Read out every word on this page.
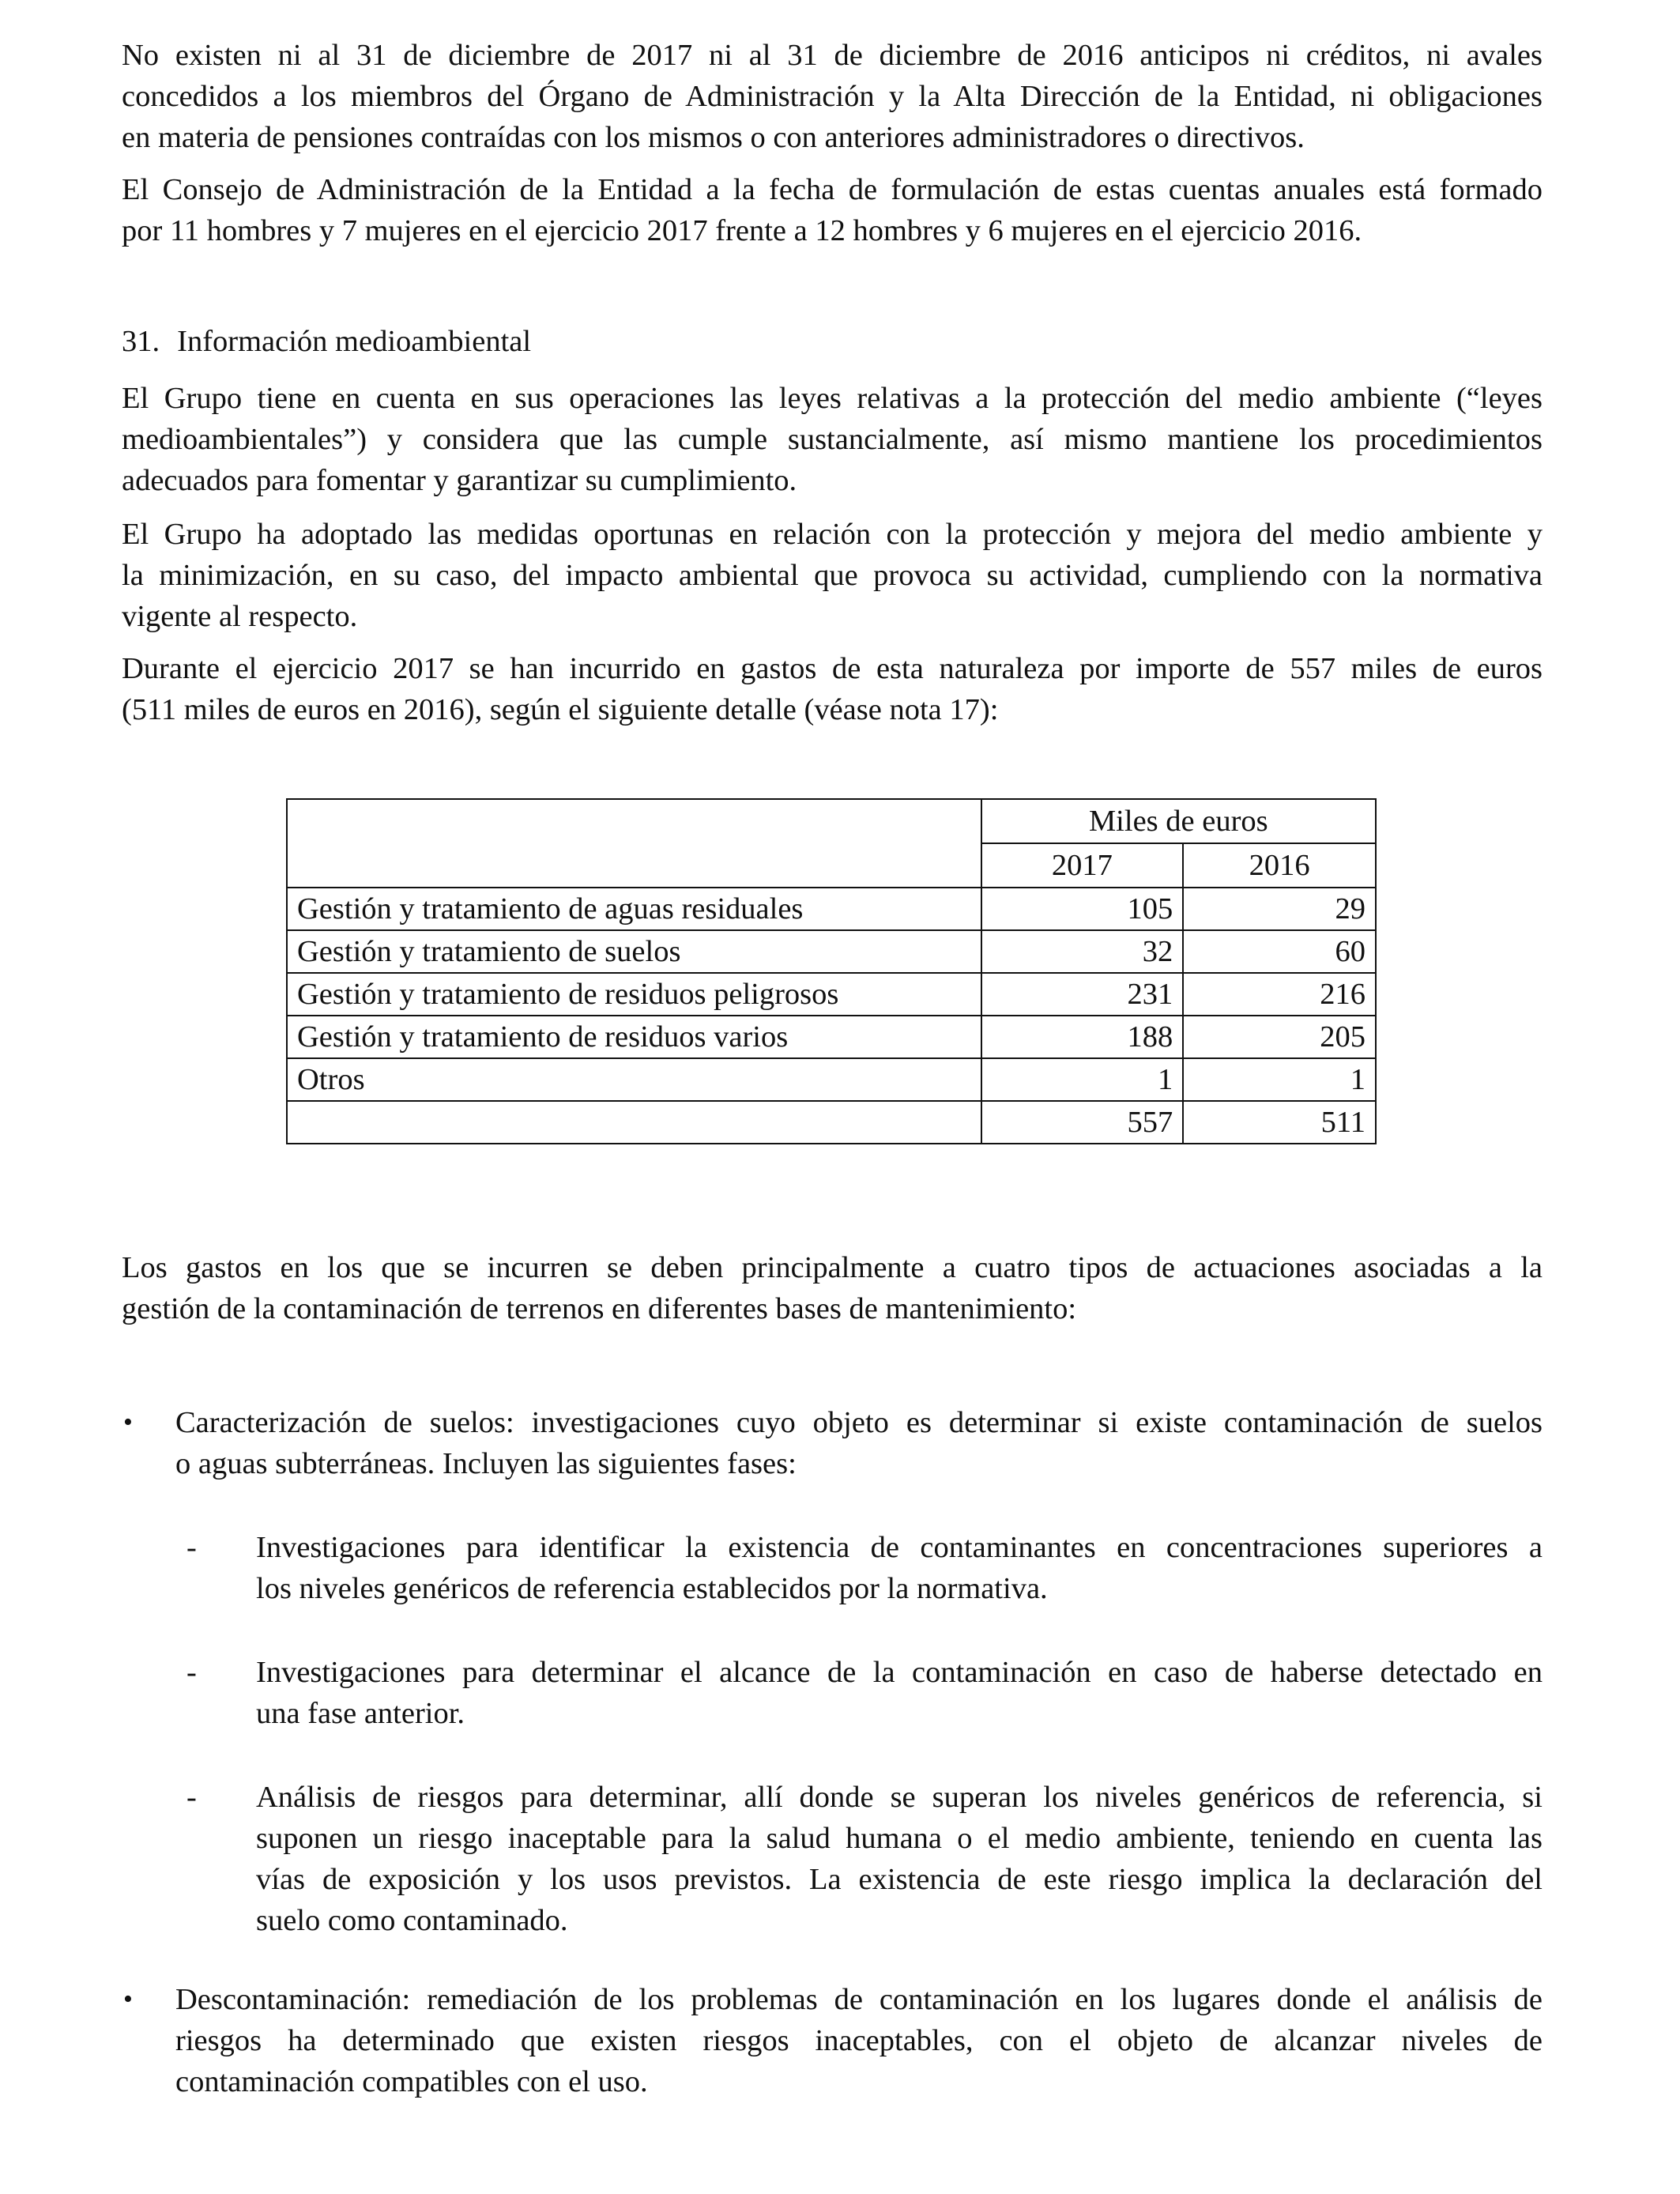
No existen ni al 31 de diciembre de 2017 ni al 31 de diciembre de 2016 anticipos ni créditos, ni avales
concedidos a los miembros del Órgano de Administración y la Alta Dirección de la Entidad, ni obligaciones
en materia de pensiones contraídas con los mismos o con anteriores administradores o directivos.
El Consejo de Administración de la Entidad a la fecha de formulación de estas cuentas anuales está formado
por 11 hombres y 7 mujeres en el ejercicio 2017 frente a 12 hombres y 6 mujeres en el ejercicio 2016.
31. Información medioambiental
El Grupo tiene en cuenta en sus operaciones las leyes relativas a la protección del medio ambiente (“leyes
medioambientales”) y considera que las cumple sustancialmente, así mismo mantiene los procedimientos
adecuados para fomentar y garantizar su cumplimiento.
El Grupo ha adoptado las medidas oportunas en relación con la protección y mejora del medio ambiente y
la minimización, en su caso, del impacto ambiental que provoca su actividad, cumpliendo con la normativa
vigente al respecto.
Durante el ejercicio 2017 se han incurrido en gastos de esta naturaleza por importe de 557 miles de euros
(511 miles de euros en 2016), según el siguiente detalle (véase nota 17):
	Miles de euros	
	2017	2016
Gestión y tratamiento de aguas residuales	105	29
Gestión y tratamiento de suelos	32	60
Gestión y tratamiento de residuos peligrosos	231	216
Gestión y tratamiento de residuos varios	188	205
Otros	1	1
	557	511
Los gastos en los que se incurren se deben principalmente a cuatro tipos de actuaciones asociadas a la
gestión de la contaminación de terrenos en diferentes bases de mantenimiento:
• Caracterización de suelos: investigaciones cuyo objeto es determinar si existe contaminación de suelos
o aguas subterráneas. Incluyen las siguientes fases:
- Investigaciones para identificar la existencia de contaminantes en concentraciones superiores a
los niveles genéricos de referencia establecidos por la normativa.
- Investigaciones para determinar el alcance de la contaminación en caso de haberse detectado en
una fase anterior.
- Análisis de riesgos para determinar, allí donde se superan los niveles genéricos de referencia, si
suponen un riesgo inaceptable para la salud humana o el medio ambiente, teniendo en cuenta las
vías de exposición y los usos previstos. La existencia de este riesgo implica la declaración del
suelo como contaminado.
• Descontaminación: remediación de los problemas de contaminación en los lugares donde el análisis de
riesgos ha determinado que existen riesgos inaceptables, con el objeto de alcanzar niveles de
contaminación compatibles con el uso.
